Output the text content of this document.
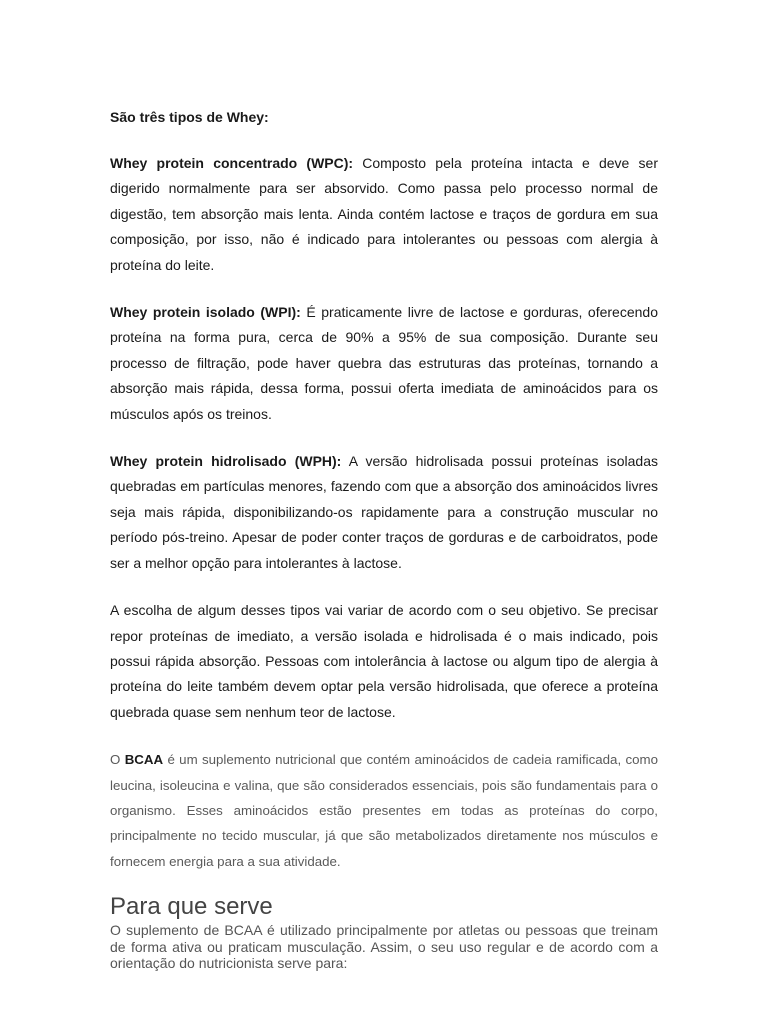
São três tipos de Whey:

Whey protein concentrado (WPC): Composto pela proteína intacta e deve ser digerido normalmente para ser absorvido. Como passa pelo processo normal de digestão, tem absorção mais lenta. Ainda contém lactose e traços de gordura em sua composição, por isso, não é indicado para intolerantes ou pessoas com alergia à proteína do leite.

Whey protein isolado (WPI): É praticamente livre de lactose e gorduras, oferecendo proteína na forma pura, cerca de 90% a 95% de sua composição. Durante seu processo de filtração, pode haver quebra das estruturas das proteínas, tornando a absorção mais rápida, dessa forma, possui oferta imediata de aminoácidos para os músculos após os treinos.

Whey protein hidrolisado (WPH): A versão hidrolisada possui proteínas isoladas quebradas em partículas menores, fazendo com que a absorção dos aminoácidos livres seja mais rápida, disponibilizando-os rapidamente para a construção muscular no período pós-treino. Apesar de poder conter traços de gorduras e de carboidratos, pode ser a melhor opção para intolerantes à lactose.

A escolha de algum desses tipos vai variar de acordo com o seu objetivo. Se precisar repor proteínas de imediato, a versão isolada e hidrolisada é o mais indicado, pois possui rápida absorção. Pessoas com intolerância à lactose ou algum tipo de alergia à proteína do leite também devem optar pela versão hidrolisada, que oferece a proteína quebrada quase sem nenhum teor de lactose.

O BCAA é um suplemento nutricional que contém aminoácidos de cadeia ramificada, como leucina, isoleucina e valina, que são considerados essenciais, pois são fundamentais para o organismo. Esses aminoácidos estão presentes em todas as proteínas do corpo, principalmente no tecido muscular, já que são metabolizados diretamente nos músculos e fornecem energia para a sua atividade.

Para que serve

O suplemento de BCAA é utilizado principalmente por atletas ou pessoas que treinam de forma ativa ou praticam musculação. Assim, o seu uso regular e de acordo com a orientação do nutricionista serve para:
